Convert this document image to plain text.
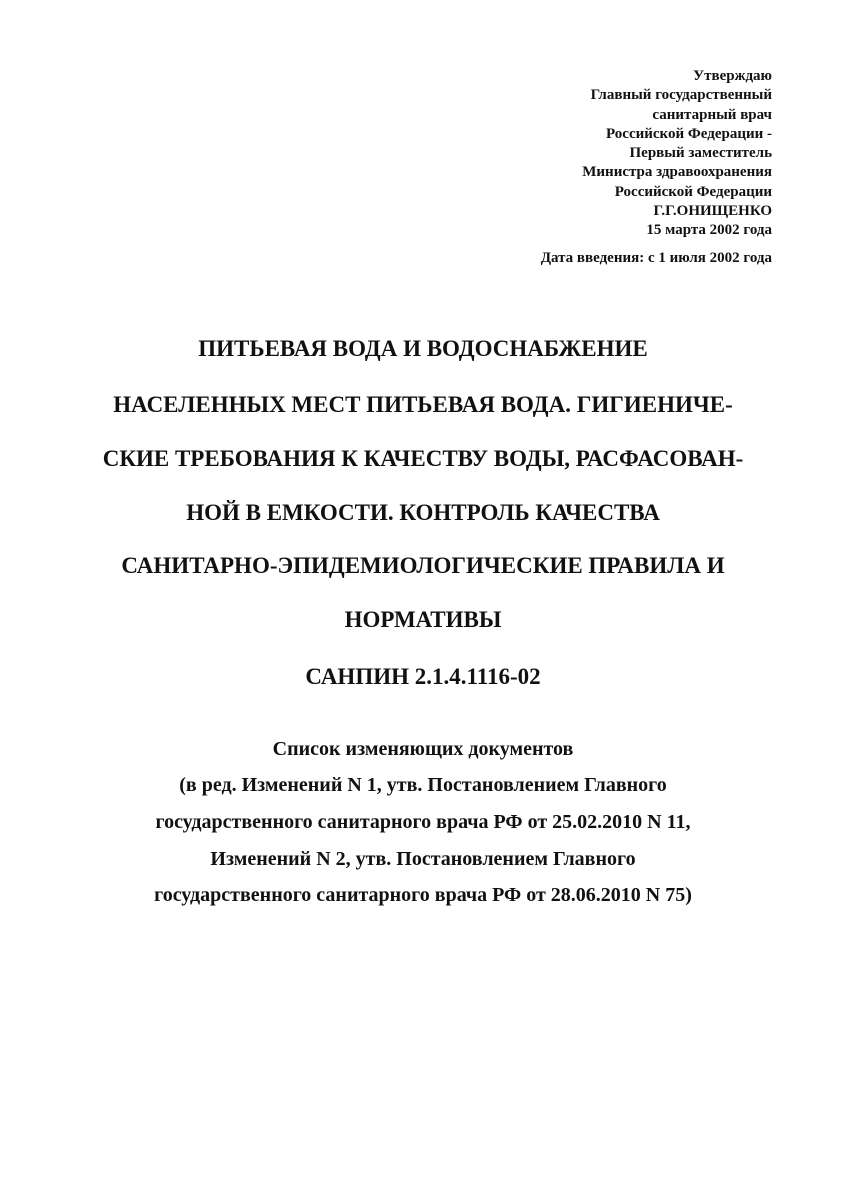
Утверждаю
Главный государственный
санитарный врач
Российской Федерации -
Первый заместитель
Министра здравоохранения
Российской Федерации
Г.Г.ОНИЩЕНКО
15 марта 2002 года
Дата введения: с 1 июля 2002 года
ПИТЬЕВАЯ ВОДА И ВОДОСНАБЖЕНИЕ
НАСЕЛЕННЫХ МЕСТ ПИТЬЕВАЯ ВОДА. ГИГИЕНИЧЕ-
СКИЕ ТРЕБОВАНИЯ К КАЧЕСТВУ ВОДЫ, РАСФАСОВАН-
НОЙ В ЕМКОСТИ. КОНТРОЛЬ КАЧЕСТВА
САНИТАРНО-ЭПИДЕМИОЛОГИЧЕСКИЕ ПРАВИЛА И
НОРМАТИВЫ
САНПИН 2.1.4.1116-02
Список изменяющих документов
(в ред. Изменений N 1, утв. Постановлением Главного
государственного санитарного врача РФ от 25.02.2010 N 11,
Изменений N 2, утв. Постановлением Главного
государственного санитарного врача РФ от 28.06.2010 N 75)
